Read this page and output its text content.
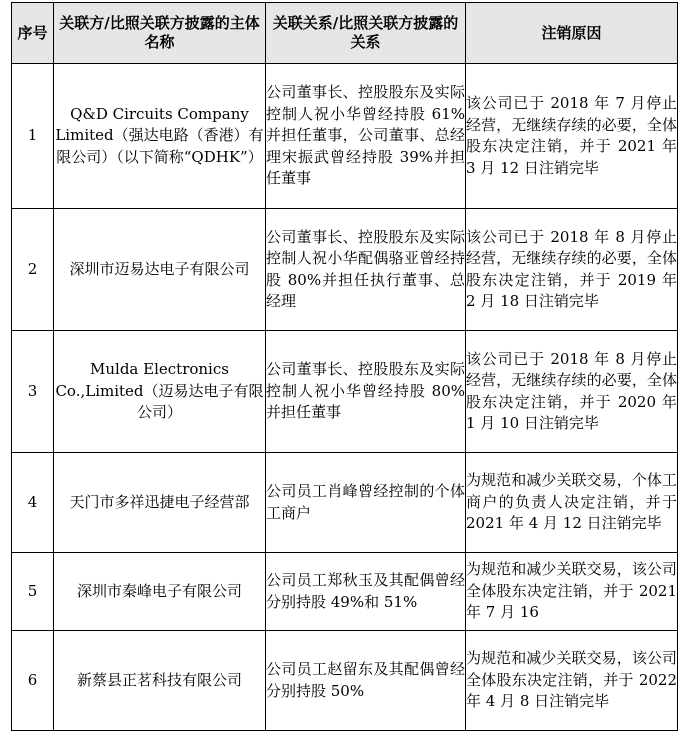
序号	关联方/比照关联方披露的主体名称	关联关系/比照关联方披露的关系	注销原因
1	Q&D Circuits Company Limited（强达电路（香港）有限公司）（以下简称“QDHK”）	公司董事长、控股股东及实际控制人祝小华曾经持股 61%并担任董事，公司董事、总经理宋振武曾经持股 39%并担任董事	该公司已于 2018 年 7 月停止经营，无继续存续的必要，全体股东决定注销，并于 2021 年 3 月 12 日注销完毕
2	深圳市迈易达电子有限公司	公司董事长、控股股东及实际控制人祝小华配偶骆亚曾经持股 80%并担任执行董事、总经理	该公司已于 2018 年 8 月停止经营，无继续存续的必要，全体股东决定注销，并于 2019 年 2 月 18 日注销完毕
3	Mulda Electronics Co.,Limited（迈易达电子有限公司）	公司董事长、控股股东及实际控制人祝小华曾经持股 80%并担任董事	该公司已于 2018 年 8 月停止经营，无继续存续的必要，全体股东决定注销，并于 2020 年 1 月 10 日注销完毕
4	天门市多祥迅捷电子经营部	公司员工肖峰曾经控制的个体工商户	为规范和减少关联交易，个体工商户的负责人决定注销，并于 2021 年 4 月 12 日注销完毕
5	深圳市秦峰电子有限公司	公司员工郑秋玉及其配偶曾经分别持股 49%和 51%	为规范和减少关联交易，该公司全体股东决定注销，并于 2021 年 7 月 16
6	新蔡县正茗科技有限公司	公司员工赵留东及其配偶曾经分别持股 50%	为规范和减少关联交易，该公司全体股东决定注销，并于 2022 年 4 月 8 日注销完毕
